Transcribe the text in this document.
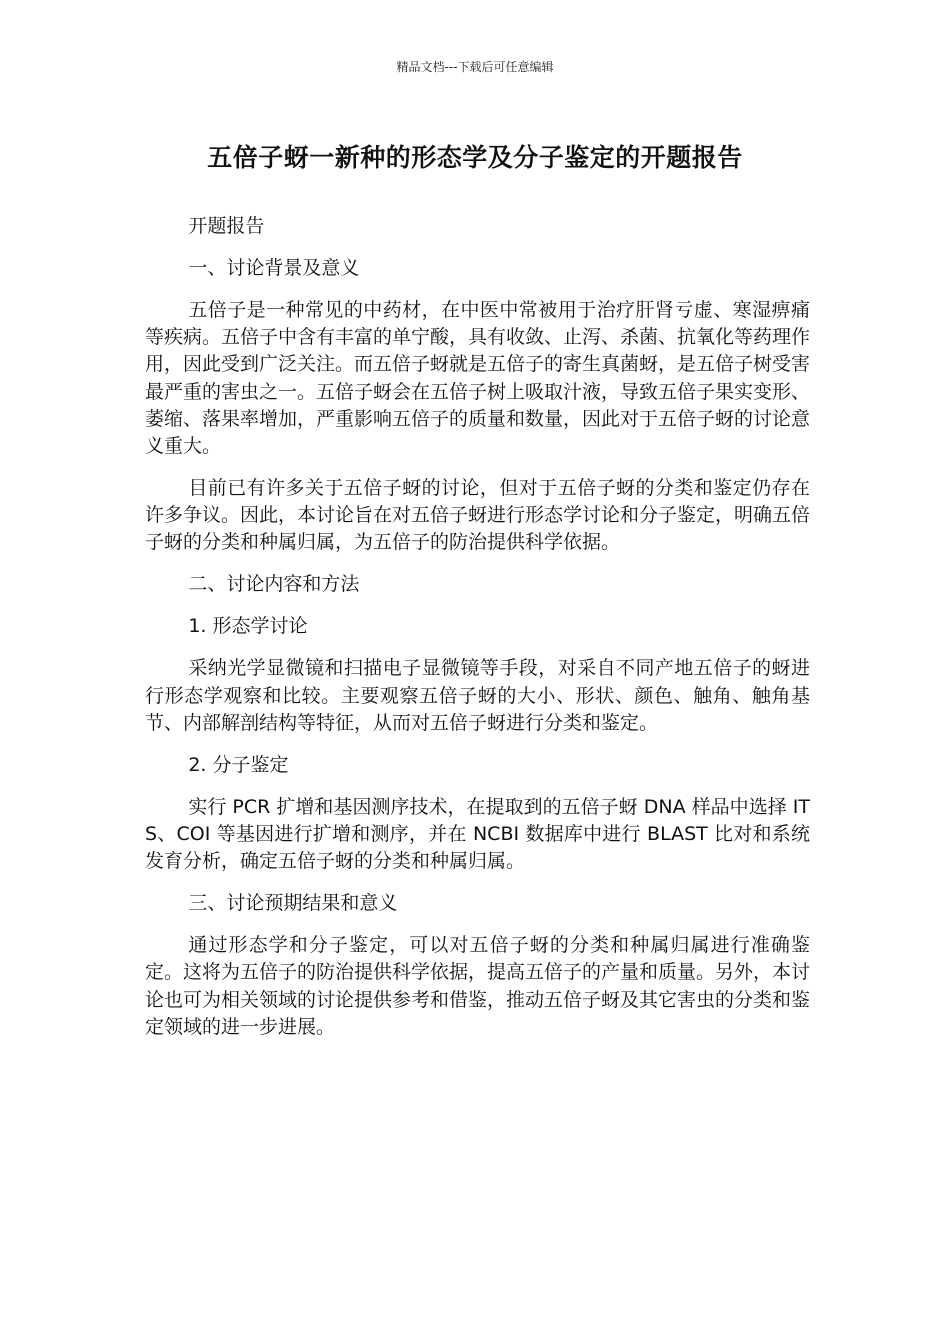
精品文档---下载后可任意编辑
五倍子蚜一新种的形态学及分子鉴定的开题报告

开题报告

一、讨论背景及意义

五倍子是一种常见的中药材，在中医中常被用于治疗肝肾亏虚、寒湿痹痛等疾病。五倍子中含有丰富的单宁酸，具有收敛、止泻、杀菌、抗氧化等药理作用，因此受到广泛关注。而五倍子蚜就是五倍子的寄生真菌蚜，是五倍子树受害最严重的害虫之一。五倍子蚜会在五倍子树上吸取汁液，导致五倍子果实变形、萎缩、落果率增加，严重影响五倍子的质量和数量，因此对于五倍子蚜的讨论意义重大。

目前已有许多关于五倍子蚜的讨论，但对于五倍子蚜的分类和鉴定仍存在许多争议。因此，本讨论旨在对五倍子蚜进行形态学讨论和分子鉴定，明确五倍子蚜的分类和种属归属，为五倍子的防治提供科学依据。

二、讨论内容和方法

1. 形态学讨论

采纳光学显微镜和扫描电子显微镜等手段，对采自不同产地五倍子的蚜进行形态学观察和比较。主要观察五倍子蚜的大小、形状、颜色、触角、触角基节、内部解剖结构等特征，从而对五倍子蚜进行分类和鉴定。

2. 分子鉴定

实行 PCR 扩增和基因测序技术，在提取到的五倍子蚜 DNA 样品中选择 ITS、COI 等基因进行扩增和测序，并在 NCBI 数据库中进行 BLAST 比对和系统发育分析，确定五倍子蚜的分类和种属归属。

三、讨论预期结果和意义

通过形态学和分子鉴定，可以对五倍子蚜的分类和种属归属进行准确鉴定。这将为五倍子的防治提供科学依据，提高五倍子的产量和质量。另外，本讨论也可为相关领域的讨论提供参考和借鉴，推动五倍子蚜及其它害虫的分类和鉴定领域的进一步进展。
